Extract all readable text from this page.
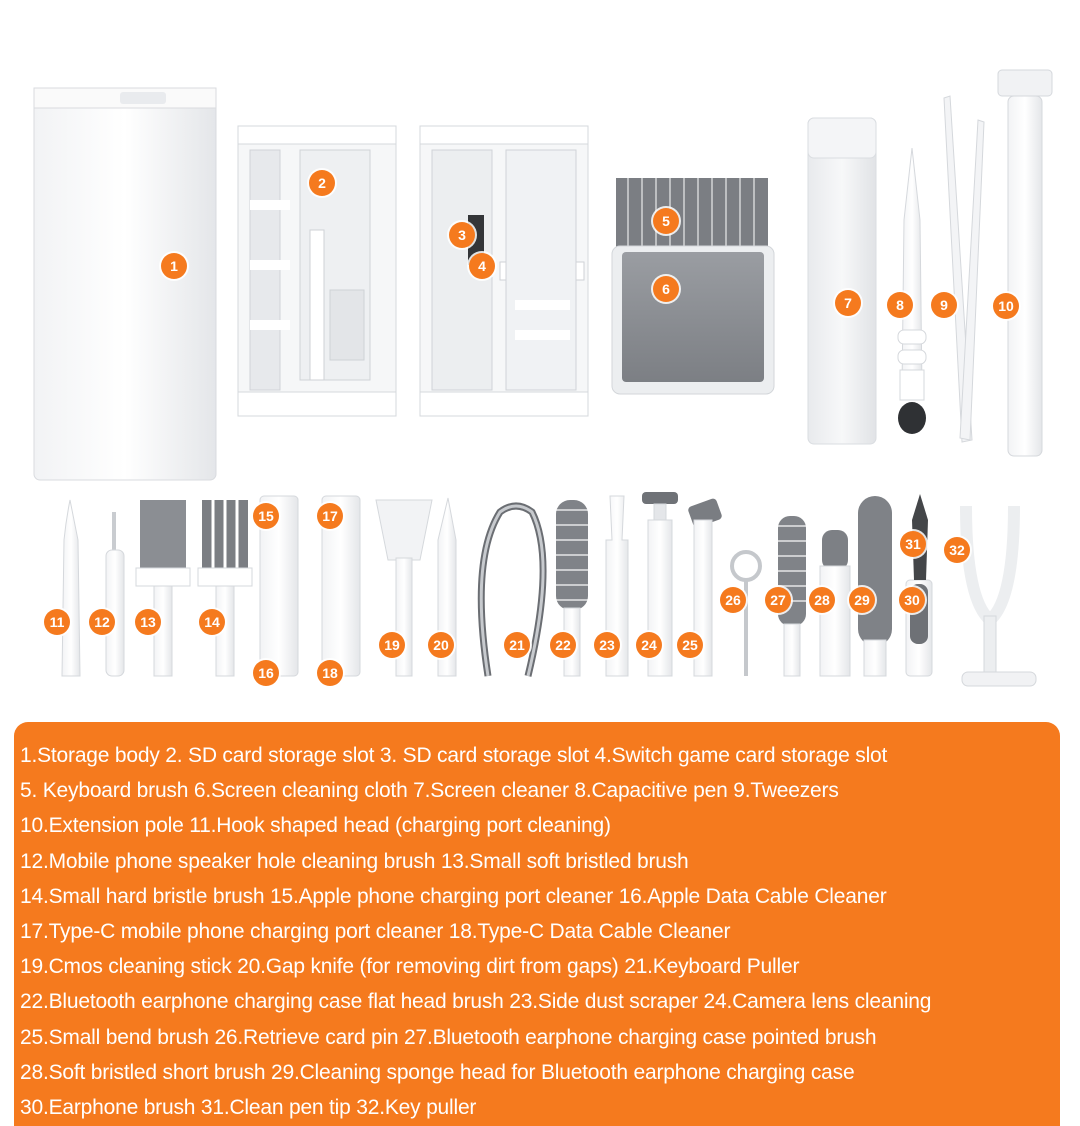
1
2
3
4
5
6
7	8	9	10
11	12	13	14
15
16
17
18
19	20	21	22	23	24	25
26	27	28	29	30
31	32
1.Storage body 2. SD card storage slot 3. SD card storage slot 4.Switch game card storage slot
5. Keyboard brush 6.Screen cleaning cloth 7.Screen cleaner 8.Capacitive pen 9.Tweezers
10.Extension pole 11.Hook shaped head (charging port cleaning)
12.Mobile phone speaker hole cleaning brush 13.Small soft bristled brush
14.Small hard bristle brush 15.Apple phone charging port cleaner 16.Apple Data Cable Cleaner
17.Type-C mobile phone charging port cleaner 18.Type-C Data Cable Cleaner
19.Cmos cleaning stick 20.Gap knife (for removing dirt from gaps) 21.Keyboard Puller
22.Bluetooth earphone charging case flat head brush 23.Side dust scraper 24.Camera lens cleaning
25.Small bend brush 26.Retrieve card pin 27.Bluetooth earphone charging case pointed brush
28.Soft bristled short brush 29.Cleaning sponge head for Bluetooth earphone charging case
30.Earphone brush 31.Clean pen tip 32.Key puller
